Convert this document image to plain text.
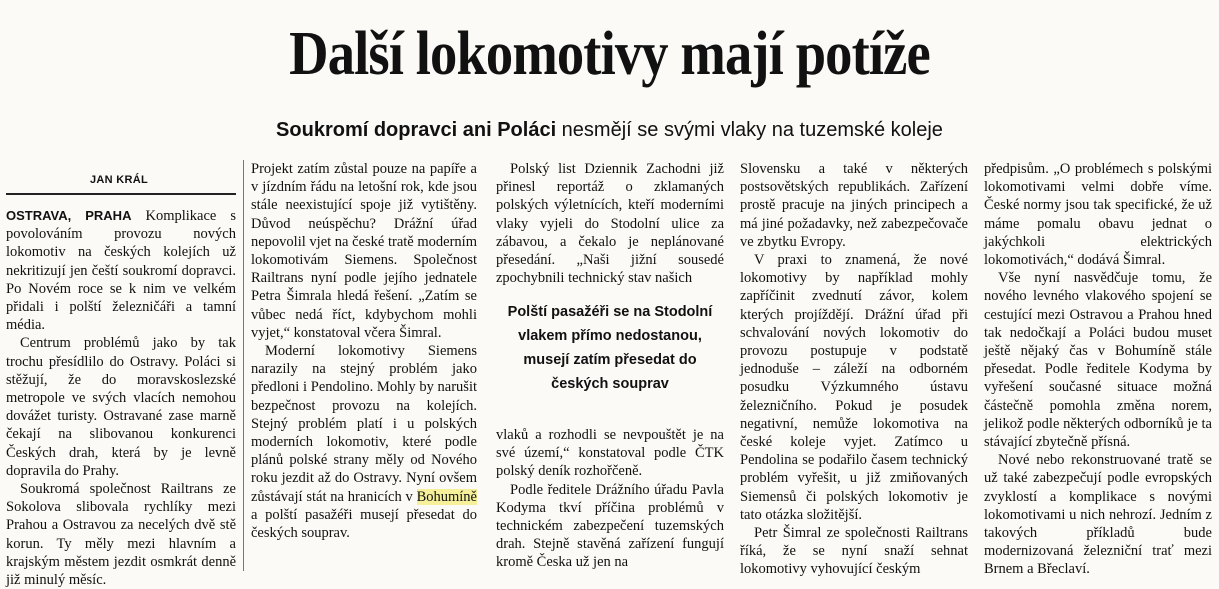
Další lokomotivy mají potíže
Soukromí dopravci ani Poláci nesmějí se svými vlaky na tuzemské koleje
JAN KRÁL

OSTRAVA, PRAHA Komplikace s povolováním provozu nových lokomotiv na českých kolejích už nekritizují jen čeští soukromí dopravci. Po Novém roce se k nim ve velkém přidali i polští železničáři a tamní média.

Centrum problémů jako by tak trochu přesídlilo do Ostravy. Poláci si stěžují, že do moravskoslezské metropole ve svých vlacích nemohou dovážet turisty. Ostravané zase marně čekají na slibovanou konkurenci Českých drah, která by je levně dopravila do Prahy.

Soukromá společnost Railtrans ze Sokolova slibovala rychlíky mezi Prahou a Ostravou za necelých dvě stě korun. Ty měly mezi hlavním a krajským městem jezdit osmkrát denně již minulý měsíc.

Projekt zatím zůstal pouze na papíře a v jízdním řádu na letošní rok, kde jsou stále neexistující spoje již vytištěny. Důvod neúspěchu? Drážní úřad nepovolil vjet na české tratě moderním lokomotivám Siemens. Společnost Railtrans nyní podle jejího jednatele Petra Šimrala hledá řešení. „Zatím se vůbec nedá říct, kdybychom mohli vyjet,“ konstatoval včera Šimral.

Moderní lokomotivy Siemens narazily na stejný problém jako předloni i Pendolino. Mohly by narušit bezpečnost provozu na kolejích. Stejný problém platí i u polských moderních lokomotiv, které podle plánů polské strany měly od Nového roku jezdit až do Ostravy. Nyní ovšem zůstávají stát na hranicích v Bohumíně a polští pasažéři musejí přesedat do českých souprav.

Polský list Dziennik Zachodni již přinesl reportáž o zklamaných polských výletnících, kteří moderními vlaky vyjeli do Stodolní ulice za zábavou, a čekalo je neplánované přesedání. „Naši jižní sousedé zpochybnili technický stav našich

Polští pasažéři se na Stodolní vlakem přímo nedostanou, musejí zatím přesedat do českých souprav

vlaků a rozhodli se nevpouštět je na své území,“ konstatoval podle ČTK polský deník rozhořčeně.

Podle ředitele Drážního úřadu Pavla Kodyma tkví příčina problémů v technickém zabezpečení tuzemských drah. Stejně stavěná zařízení fungují kromě Česka už jen na

Slovensku a také v některých postsovětských republikách. Zařízení prostě pracuje na jiných principech a má jiné požadavky, než zabezpečovače ve zbytku Evropy.

V praxi to znamená, že nové lokomotivy by například mohly zapříčinit zvednutí závor, kolem kterých projíždějí. Drážní úřad při schvalování nových lokomotiv do provozu postupuje v podstatě jednoduše – záleží na odborném posudku Výzkumného ústavu železničního. Pokud je posudek negativní, nemůže lokomotiva na české koleje vyjet. Zatímco u Pendolina se podařilo časem technický problém vyřešit, u již zmiňovaných Siemensů či polských lokomotiv je tato otázka složitější.

Petr Šimral ze společnosti Railtrans říká, že se nyní snaží sehnat lokomotivy vyhovující českým

předpisům. „O problémech s polskými lokomotivami velmi dobře víme. České normy jsou tak specifické, že už máme pomalu obavu jednat o jakýchkoli elektrických lokomotivách,“ dodává Šimral.

Vše nyní nasvědčuje tomu, že nového levného vlakového spojení se cestující mezi Ostravou a Prahou hned tak nedočkají a Poláci budou muset ještě nějaký čas v Bohumíně stále přesedat. Podle ředitele Kodyma by vyřešení současné situace možná částečně pomohla změna norem, jelikož podle některých odborníků je ta stávající zbytečně přísná.

Nové nebo rekonstruované tratě se už také zabezpečují podle evropských zvyklostí a komplikace s novými lokomotivami u nich nehrozí. Jedním z takových příkladů bude modernizovaná železniční trať mezi Brnem a Břeclaví.
